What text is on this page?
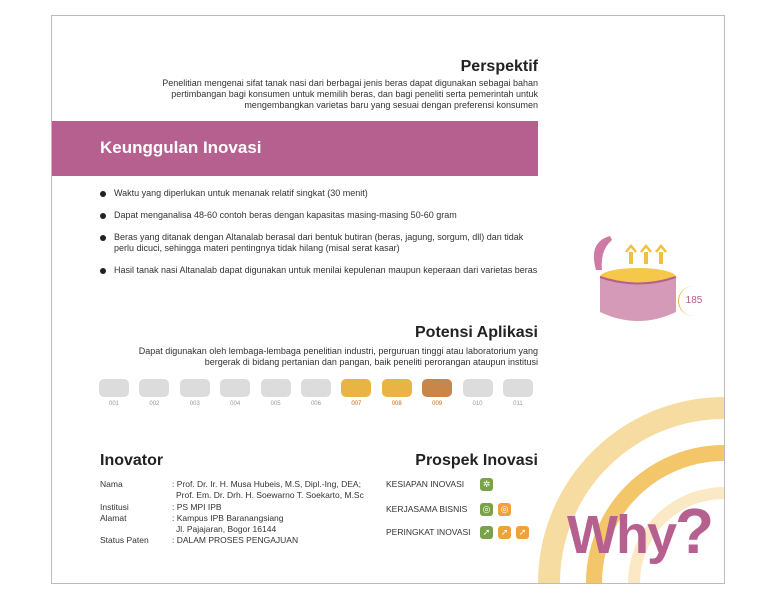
Perspektif
Penelitian mengenai sifat tanak nasi dari berbagai jenis beras dapat digunakan sebagai bahan pertimbangan bagi konsumen untuk memilih beras, dan bagi peneliti serta pemerintah untuk mengembangkan varietas baru yang sesuai dengan preferensi konsumen
Keunggulan Inovasi
Waktu yang diperlukan untuk menanak relatif singkat (30 menit)
Dapat menganalisa 48-60 contoh beras dengan kapasitas masing-masing 50-60 gram
Beras yang ditanak dengan Altanalab berasal dari bentuk butiran (beras, jagung, sorgum, dll) dan tidak perlu dicuci, sehingga materi pentingnya tidak hilang (misal serat kasar)
Hasil tanak nasi Altanalab dapat digunakan untuk menilai kepulenan maupun keperaan dari varietas beras
185
Potensi Aplikasi
Dapat digunakan oleh lembaga-lembaga penelitian industri, perguruan tinggi atau laboratorium yang bergerak di bidang pertanian dan pangan, baik peneliti perorangan ataupun institusi
001	002	003	004	005	006	007	008	009	010	011
Inovator
Nama	: Prof. Dr. Ir. H. Musa Hubeis, M.S, Dipl.-Ing, DEA;
Prof. Em. Dr. Drh. H. Soewarno T. Soekarto, M.Sc
Institusi	: PS MPI IPB
Alamat	: Kampus IPB Baranangsiang
Jl. Pajajaran, Bogor 16144
Status Paten	: DALAM PROSES PENGAJUAN
Prospek Inovasi
KESIAPAN INOVASI	✲
KERJASAMA BISNIS ◎ ◎
PERINGKAT INOVASI	➚ ➚ ➚ Why?
